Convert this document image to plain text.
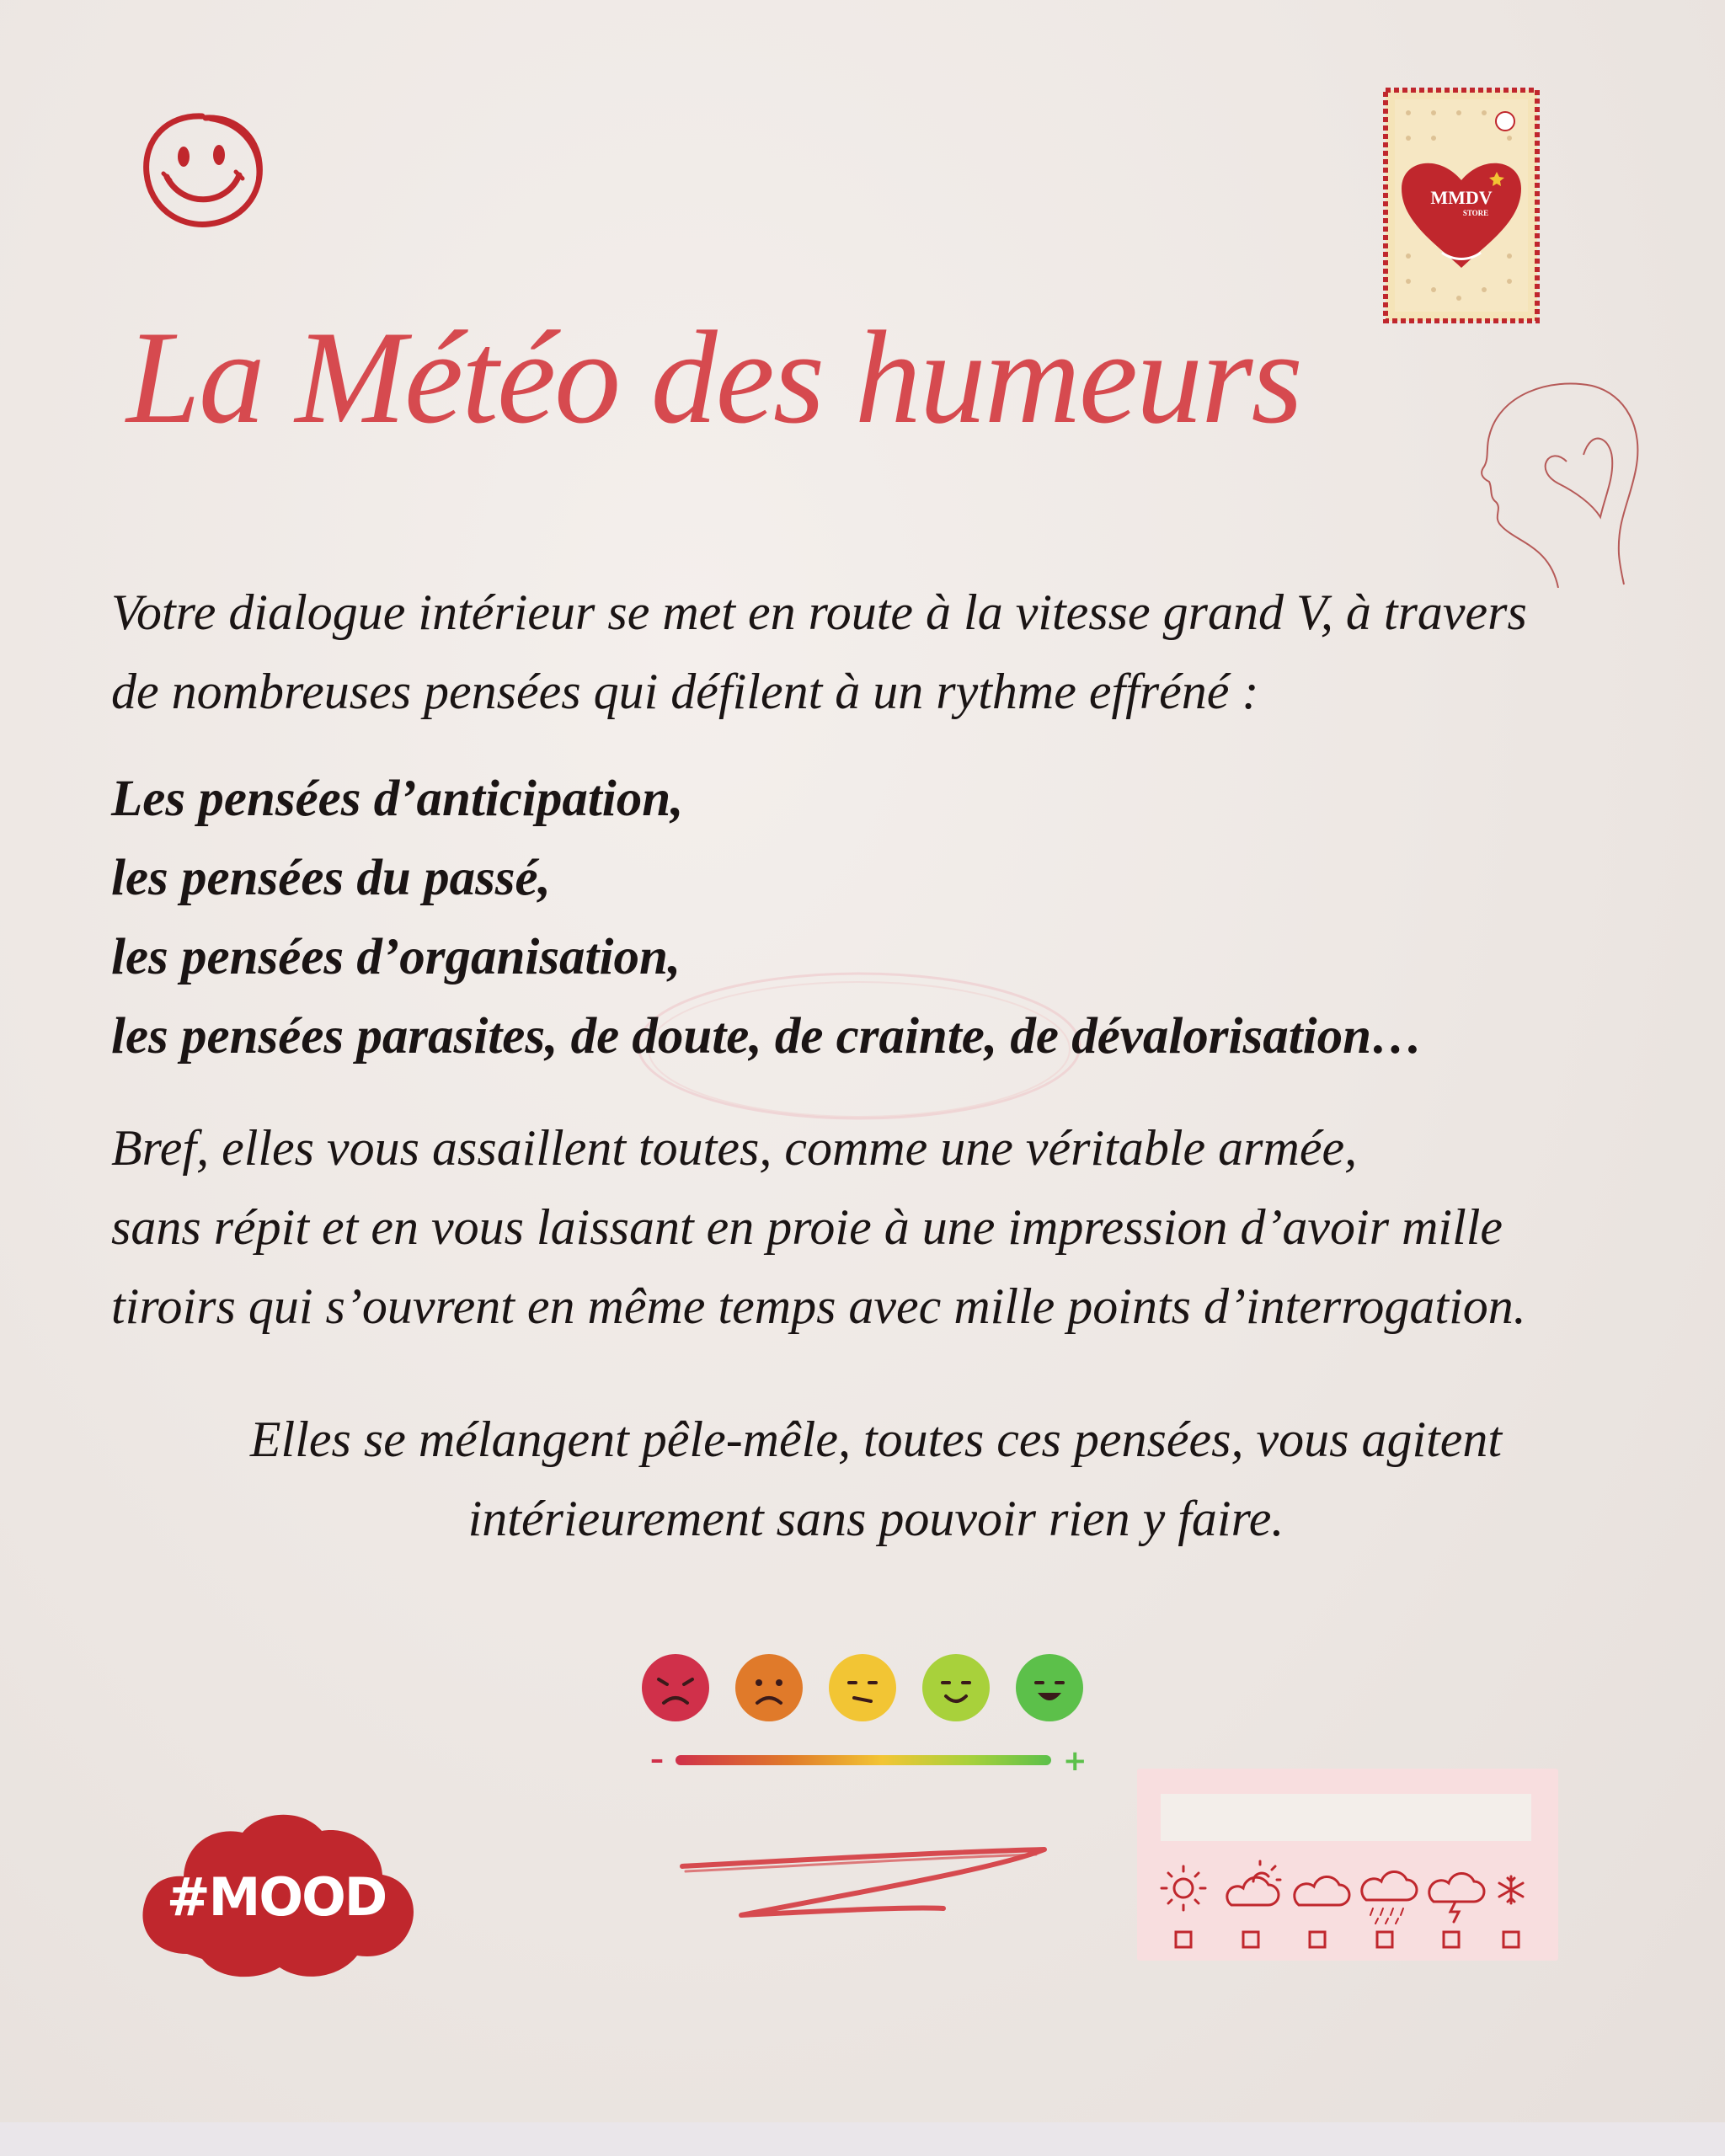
MMDV
STORE
La Météo des humeurs

Votre dialogue intérieur se met en route à la vitesse grand V, à travers
de nombreuses pensées qui défilent à un rythme effréné :

Les pensées d’anticipation,
les pensées du passé,
les pensées d’organisation,
les pensées parasites, de doute, de crainte, de dévalorisation…

Bref, elles vous assaillent toutes, comme une véritable armée,
sans répit et en vous laissant en proie à une impression d’avoir mille
tiroirs qui s’ouvrent en même temps avec mille points d’interrogation.

Elles se mélangent pêle-mêle, toutes ces pensées, vous agitent
intérieurement sans pouvoir rien y faire.

–	+
#MOOD
